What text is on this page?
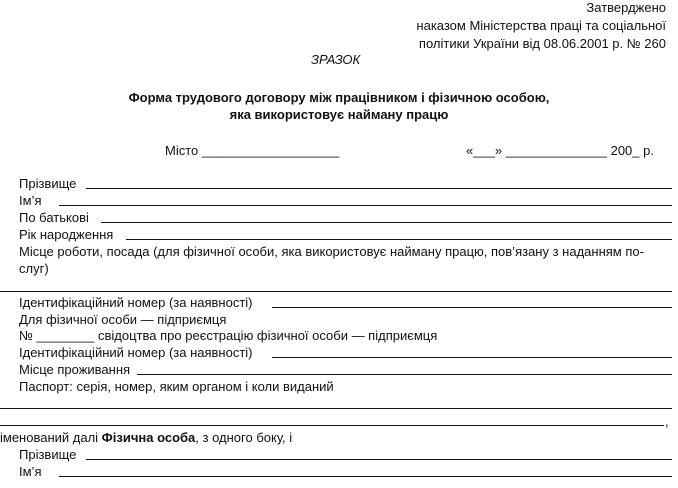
Затверджено
наказом Міністерства праці та соціальної
політики України від 08.06.2001 р. № 260
ЗРАЗОК
Форма трудового договору між працівником і фізичною особою,
яка використовує найману працю
Місто ___________________	«___» ______________ 200_ р.
Прізвище
Ім’я
По батькові
Рік народження
Місце роботи, посада (для фізичної особи, яка використовує найману працю, пов’язану з наданням по-
слуг)
Ідентифікаційний номер (за наявності)
Для фізичної особи — підприємця
№ ________ свідоцтва про реєстрацію фізичної особи — підприємця
Ідентифікаційний номер (за наявності)
Місце проживання
Паспорт: серія, номер, яким органом і коли виданий
,
іменований далі Фізична особа, з одного боку, і
Прізвище
Ім’я
